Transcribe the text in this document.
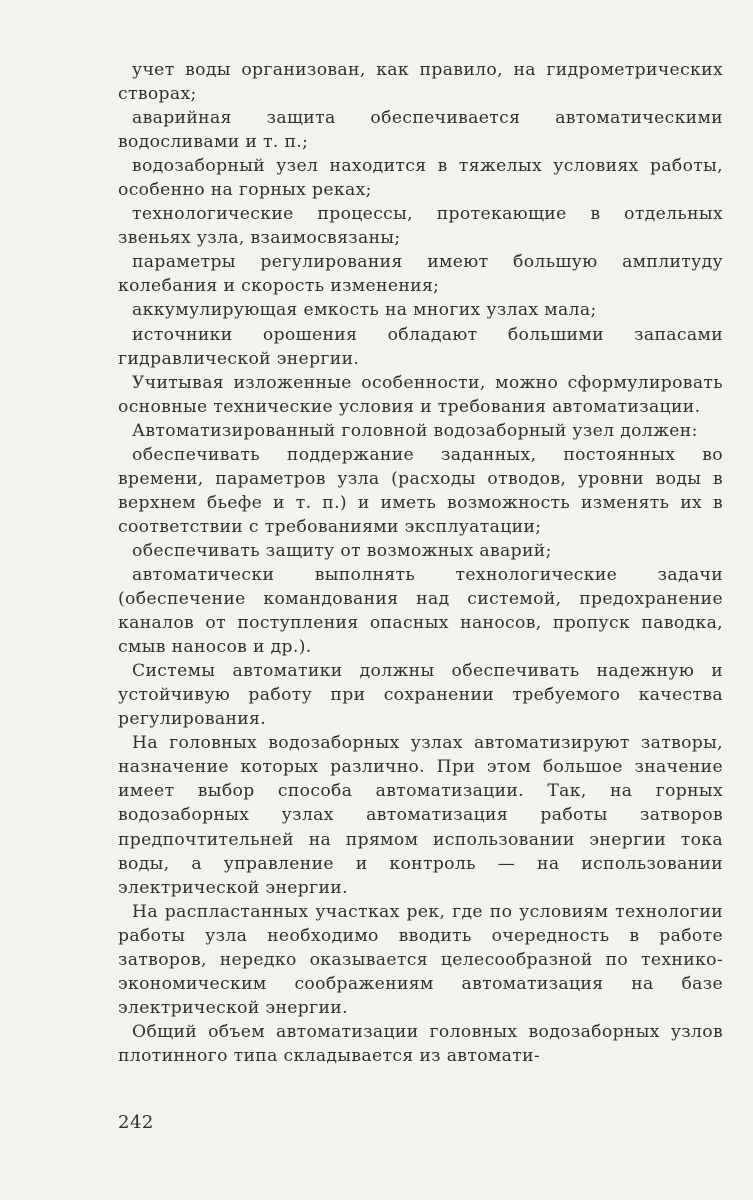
учет воды организован, как правило, на гидрометрических створах;

аварийная защита обеспечивается автоматическими водосливами и т. п.;

водозаборный узел находится в тяжелых условиях работы, особенно на горных реках;

технологические процессы, протекающие в отдельных звеньях узла, взаимосвязаны;

параметры регулирования имеют большую амплитуду колебания и скорость изменения;

аккумулирующая емкость на многих узлах мала;

источники орошения обладают большими запасами гидравлической энергии.

Учитывая изложенные особенности, можно сформулировать основные технические условия и требования автоматизации.

Автоматизированный головной водозаборный узел должен:

обеспечивать поддержание заданных, постоянных во времени, параметров узла (расходы отводов, уровни воды в верхнем бьефе и т. п.) и иметь возможность изменять их в соответствии с требованиями эксплуатации;

обеспечивать защиту от возможных аварий;

автоматически выполнять технологические задачи (обеспечение командования над системой, предохранение каналов от поступления опасных наносов, пропуск паводка, смыв наносов и др.).

Системы автоматики должны обеспечивать надежную и устойчивую работу при сохранении требуемого качества регулирования.

На головных водозаборных узлах автоматизируют затворы, назначение которых различно. При этом большое значение имеет выбор способа автоматизации. Так, на горных водозаборных узлах автоматизация работы затворов предпочтительней на прямом использовании энергии тока воды, а управление и контроль — на использовании электрической энергии.

На распластанных участках рек, где по условиям технологии работы узла необходимо вводить очередность в работе затворов, нередко оказывается целесообразной по технико-экономическим соображениям автоматизация на базе электрической энергии.

Общий объем автоматизации головных водозаборных узлов плотинного типа складывается из автомати-

242
